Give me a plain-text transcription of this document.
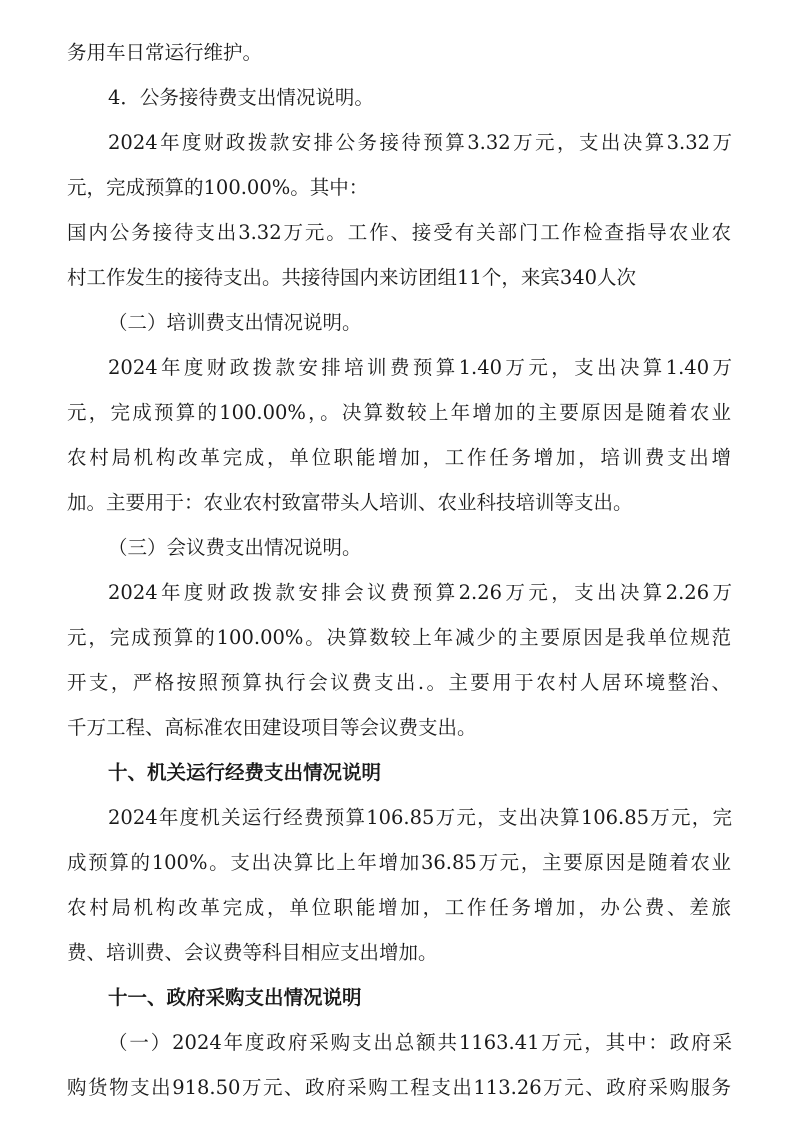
务用车日常运行维护。

4．公务接待费支出情况说明。

2024年度财政拨款安排公务接待预算3.32万元，支出决算3.32万

元，完成预算的100.00%。其中：

国内公务接待支出3.32万元。工作、接受有关部门工作检查指导农业农

村工作发生的接待支出。共接待国内来访团组11个，来宾340人次

（二）培训费支出情况说明。

2024年度财政拨款安排培训费预算1.40万元，支出决算1.40万

元，完成预算的100.00%，。决算数较上年增加的主要原因是随着农业

农村局机构改革完成，单位职能增加，工作任务增加，培训费支出增

加。主要用于：农业农村致富带头人培训、农业科技培训等支出。

（三）会议费支出情况说明。

2024年度财政拨款安排会议费预算2.26万元，支出决算2.26万

元，完成预算的100.00%。决算数较上年减少的主要原因是我单位规范

开支，严格按照预算执行会议费支出.。主要用于农村人居环境整治、

千万工程、高标准农田建设项目等会议费支出。

十、机关运行经费支出情况说明

2024年度机关运行经费预算106.85万元，支出决算106.85万元，完

成预算的100%。支出决算比上年增加36.85万元，主要原因是随着农业

农村局机构改革完成，单位职能增加，工作任务增加，办公费、差旅

费、培训费、会议费等科目相应支出增加。

十一、政府采购支出情况说明

（一）2024年度政府采购支出总额共1163.41万元，其中：政府采

购货物支出918.50万元、政府采购工程支出113.26万元、政府采购服务
